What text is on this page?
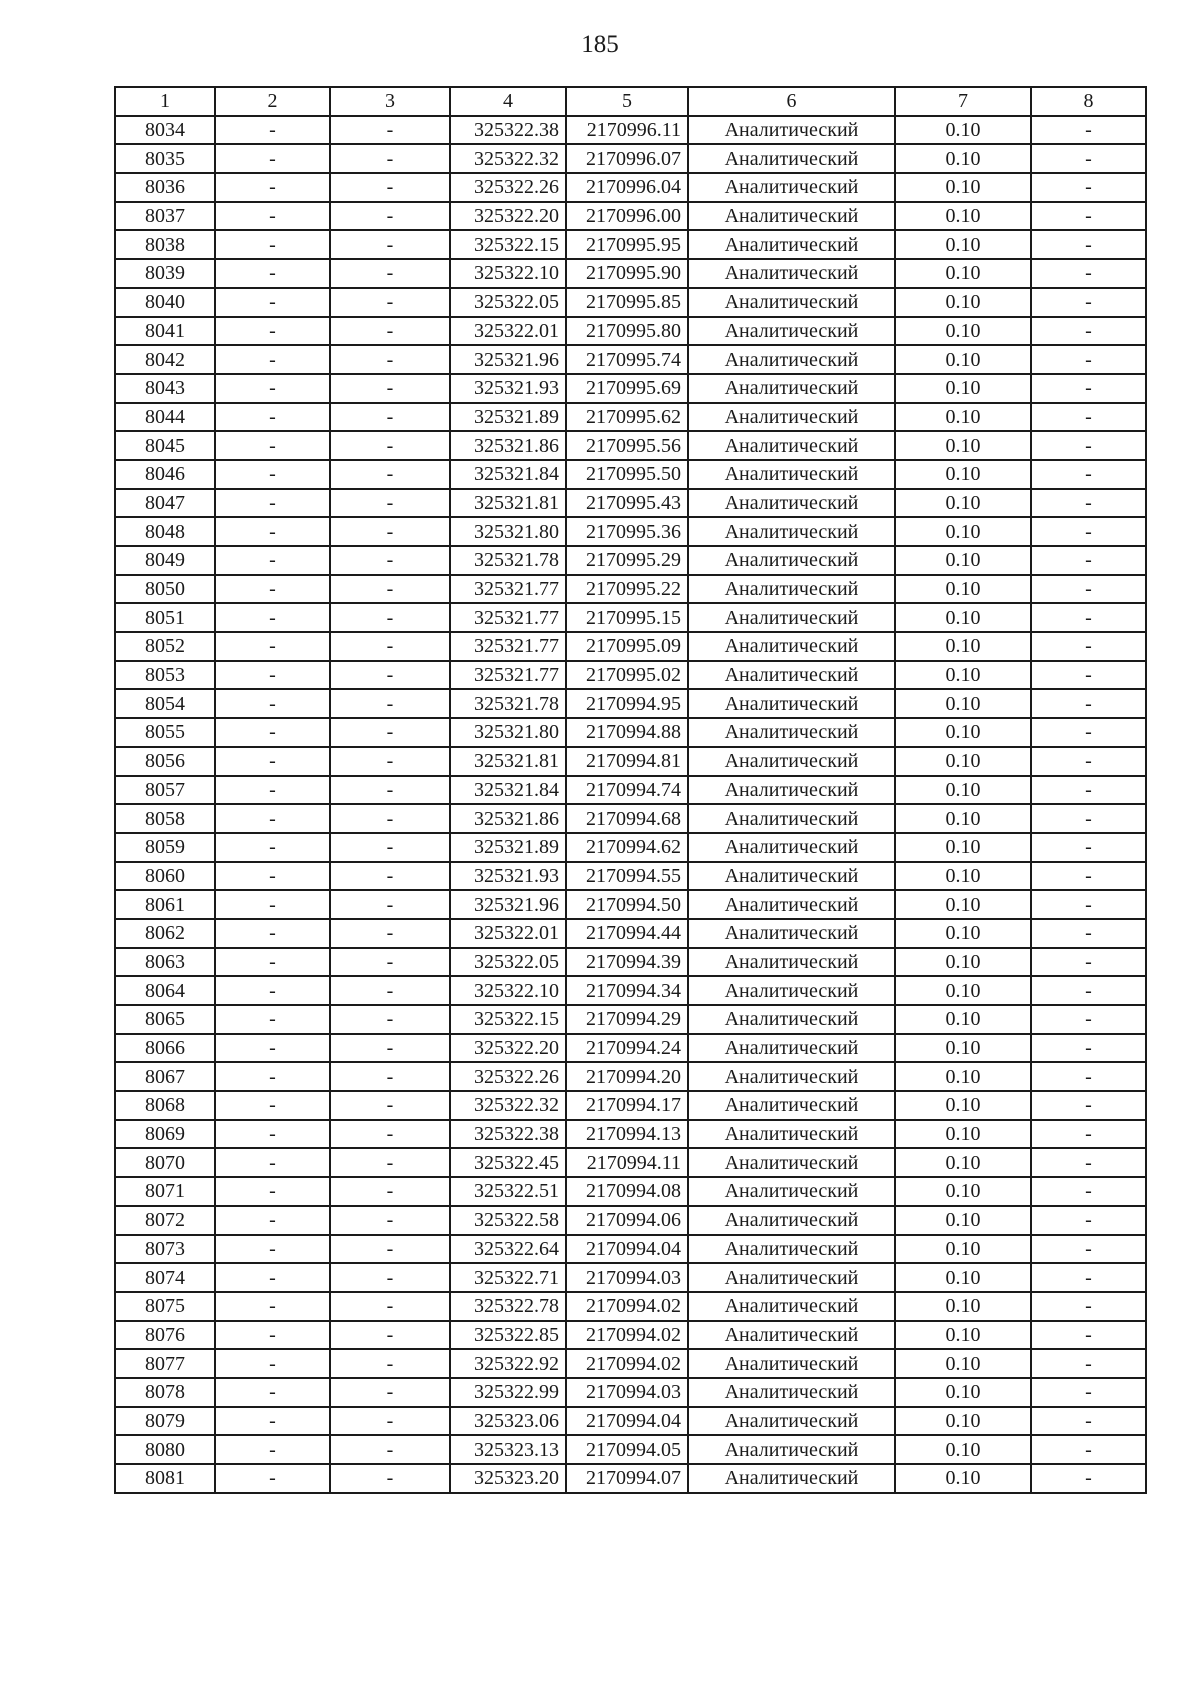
185
1	2	3	4	5	6	7	8
8034	-	-	325322.38	2170996.11	Аналитический	0.10	-
8035	-	-	325322.32	2170996.07	Аналитический	0.10	-
8036	-	-	325322.26	2170996.04	Аналитический	0.10	-
8037	-	-	325322.20	2170996.00	Аналитический	0.10	-
8038	-	-	325322.15	2170995.95	Аналитический	0.10	-
8039	-	-	325322.10	2170995.90	Аналитический	0.10	-
8040	-	-	325322.05	2170995.85	Аналитический	0.10	-
8041	-	-	325322.01	2170995.80	Аналитический	0.10	-
8042	-	-	325321.96	2170995.74	Аналитический	0.10	-
8043	-	-	325321.93	2170995.69	Аналитический	0.10	-
8044	-	-	325321.89	2170995.62	Аналитический	0.10	-
8045	-	-	325321.86	2170995.56	Аналитический	0.10	-
8046	-	-	325321.84	2170995.50	Аналитический	0.10	-
8047	-	-	325321.81	2170995.43	Аналитический	0.10	-
8048	-	-	325321.80	2170995.36	Аналитический	0.10	-
8049	-	-	325321.78	2170995.29	Аналитический	0.10	-
8050	-	-	325321.77	2170995.22	Аналитический	0.10	-
8051	-	-	325321.77	2170995.15	Аналитический	0.10	-
8052	-	-	325321.77	2170995.09	Аналитический	0.10	-
8053	-	-	325321.77	2170995.02	Аналитический	0.10	-
8054	-	-	325321.78	2170994.95	Аналитический	0.10	-
8055	-	-	325321.80	2170994.88	Аналитический	0.10	-
8056	-	-	325321.81	2170994.81	Аналитический	0.10	-
8057	-	-	325321.84	2170994.74	Аналитический	0.10	-
8058	-	-	325321.86	2170994.68	Аналитический	0.10	-
8059	-	-	325321.89	2170994.62	Аналитический	0.10	-
8060	-	-	325321.93	2170994.55	Аналитический	0.10	-
8061	-	-	325321.96	2170994.50	Аналитический	0.10	-
8062	-	-	325322.01	2170994.44	Аналитический	0.10	-
8063	-	-	325322.05	2170994.39	Аналитический	0.10	-
8064	-	-	325322.10	2170994.34	Аналитический	0.10	-
8065	-	-	325322.15	2170994.29	Аналитический	0.10	-
8066	-	-	325322.20	2170994.24	Аналитический	0.10	-
8067	-	-	325322.26	2170994.20	Аналитический	0.10	-
8068	-	-	325322.32	2170994.17	Аналитический	0.10	-
8069	-	-	325322.38	2170994.13	Аналитический	0.10	-
8070	-	-	325322.45	2170994.11	Аналитический	0.10	-
8071	-	-	325322.51	2170994.08	Аналитический	0.10	-
8072	-	-	325322.58	2170994.06	Аналитический	0.10	-
8073	-	-	325322.64	2170994.04	Аналитический	0.10	-
8074	-	-	325322.71	2170994.03	Аналитический	0.10	-
8075	-	-	325322.78	2170994.02	Аналитический	0.10	-
8076	-	-	325322.85	2170994.02	Аналитический	0.10	-
8077	-	-	325322.92	2170994.02	Аналитический	0.10	-
8078	-	-	325322.99	2170994.03	Аналитический	0.10	-
8079	-	-	325323.06	2170994.04	Аналитический	0.10	-
8080	-	-	325323.13	2170994.05	Аналитический	0.10	-
8081	-	-	325323.20	2170994.07	Аналитический	0.10	-
